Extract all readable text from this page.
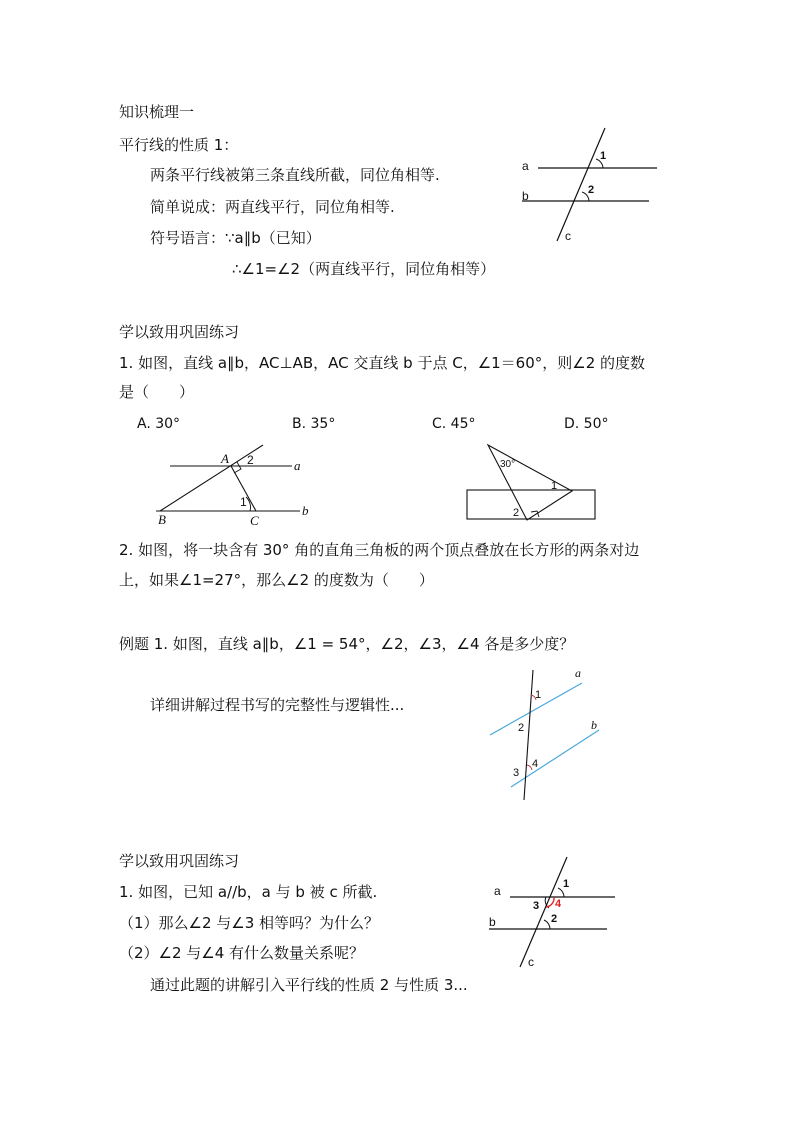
知识梳理一
平行线的性质 1：
两条平行线被第三条直线所截，同位角相等.
简单说成：两直线平行，同位角相等.
符号语言：∵a∥b（已知）
∴∠1=∠2（两直线平行，同位角相等）
a
b
c
1
2
学以致用巩固练习
1. 如图，直线 a∥b，AC⊥AB，AC 交直线 b 于点 C，∠1＝60°，则∠2 的度数
是（　　）
A. 30°	B. 35°	C. 45°	D. 50°
A
B	C
a
b
1
2	30°
1
2
2. 如图，将一块含有 30° 角的直角三角板的两个顶点叠放在长方形的两条对边
上，如果∠1=27°，那么∠2 的度数为（　　）
例题 1. 如图，直线 a∥b，∠1 = 54°，∠2，∠3，∠4 各是多少度？
详细讲解过程书写的完整性与逻辑性...
a
b
1
2
3
4
学以致用巩固练习
1. 如图，已知 a//b，a 与 b 被 c 所截.
（1）那么∠2 与∠3 相等吗？为什么？
（2）∠2 与∠4 有什么数量关系呢？
通过此题的讲解引入平行线的性质 2 与性质 3...
a
b
c
1
2
3 4
